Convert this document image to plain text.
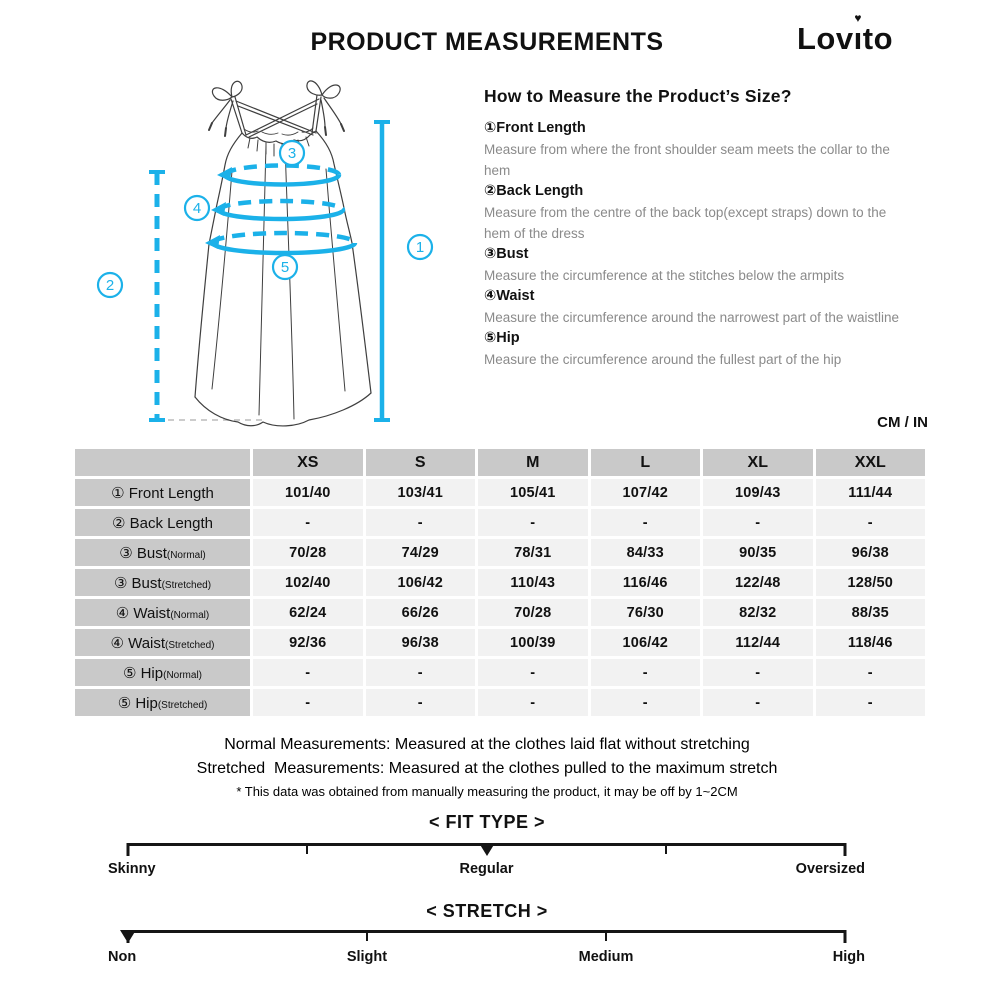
PRODUCT MEASUREMENTS	Lovı
♥
to
1
2
3
4
5
How to Measure the Product’s Size?
①Front Length
Measure from where the front shoulder seam meets the collar to the hem
②Back Length
Measure from the centre of the back top(except straps) down to the hem of the dress
③Bust
Measure the circumference at the stitches below the armpits
④Waist
Measure the circumference around the narrowest part of the waistline
⑤Hip
Measure the circumference around the fullest part of the hip
CM / IN
	XS	S	M	L	XL	XXL
① Front Length	101/40	103/41	105/41	107/42	109/43	111/44
② Back Length	-	-	-	-	-	-
③ Bust(Normal)	70/28	74/29	78/31	84/33	90/35	96/38
③ Bust(Stretched)	102/40	106/42	110/43	116/46	122/48	128/50
④ Waist(Normal)	62/24	66/26	70/28	76/30	82/32	88/35
④ Waist(Stretched)	92/36	96/38	100/39	106/42	112/44	118/46
⑤ Hip(Normal)	-	-	-	-	-	-
⑤ Hip(Stretched)	-	-	-	-	-	-
Normal Measurements: Measured at the clothes laid flat without stretching
Stretched  Measurements: Measured at the clothes pulled to the maximum stretch
* This data was obtained from manually measuring the product, it may be off by 1~2CM
< FIT TYPE >
Skinny	Regular	Oversized
< STRETCH >
Non	Slight	Medium	High
